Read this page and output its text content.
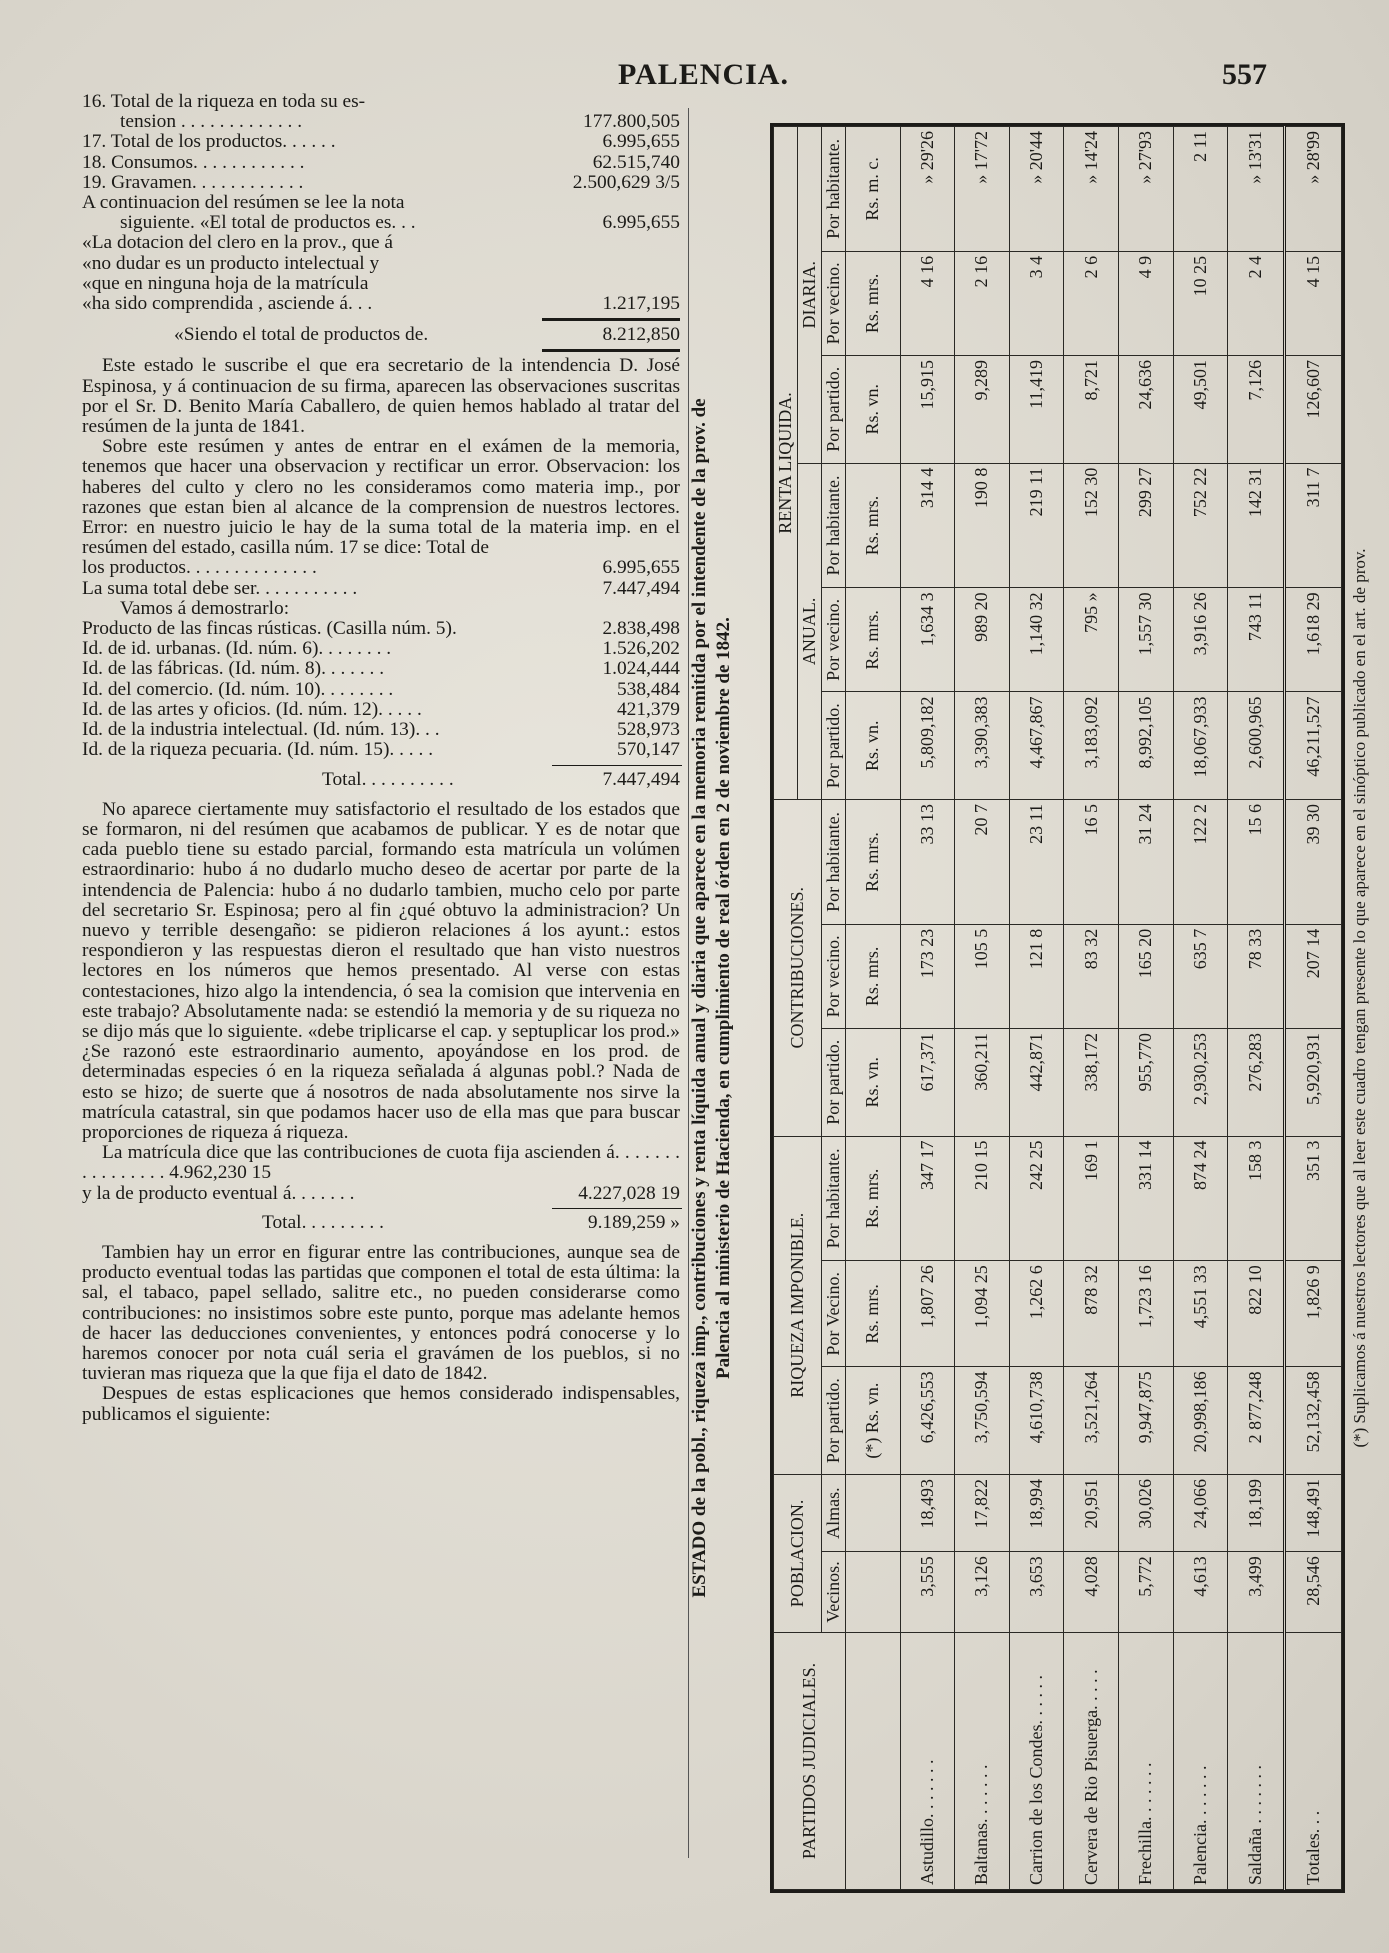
PALENCIA.	557
16. Total de la riqueza en toda su es-
tension . . . . . . . . . . . . .	177.800,505
17. Total de los productos. . . . . .	6.995,655
18. Consumos. . . . . . . . . . . .	62.515,740
19. Gravamen. . . . . . . . . . . .	2.500,629 3/5

A continuacion del resúmen se lee la nota

siguiente. «El total de productos es. . .	6.995,655
«La dotacion del clero en la prov., que á
«no dudar es un producto intelectual y
«que en ninguna hoja de la matrícula
«ha sido comprendida , asciende á. . .	1.217,195
«Siendo el total de productos de.	8.212,850

Este estado le suscribe el que era secretario de la intendencia D. José Espinosa, y á continuacion de su firma, aparecen las observaciones suscritas por el Sr. D. Benito María Caballero, de quien hemos hablado al tratar del resúmen de la junta de 1841.

Sobre este resúmen y antes de entrar en el exámen de la memoria, tenemos que hacer una observacion y rectificar un error. Observacion: los haberes del culto y clero no les consideramos como materia imp., por razones que estan bien al alcance de la comprension de nuestros lectores. Error: en nuestro juicio le hay de la suma total de la materia imp. en el resúmen del estado, casilla núm. 17 se dice: Total de

los productos. . . . . . . . . . . . . .	6.995,655
La suma total debe ser. . . . . . . . . . .	7.447,494

Vamos á demostrarlo:

Producto de las fincas rústicas. (Casilla núm. 5).	2.838,498
Id. de id. urbanas. (Id. núm. 6). . . . . . . .	1.526,202
Id. de las fábricas. (Id. núm. 8). . . . . . .	1.024,444
Id. del comercio. (Id. núm. 10). . . . . . . .	538,484
Id. de las artes y oficios. (Id. núm. 12). . . . .	421,379
Id. de la industria intelectual. (Id. núm. 13). . .	528,973
Id. de la riqueza pecuaria. (Id. núm. 15). . . . .	570,147
Total. . . . . . . . . .	7.447,494

No aparece ciertamente muy satisfactorio el resultado de los estados que se formaron, ni del resúmen que acabamos de publicar. Y es de notar que cada pueblo tiene su estado parcial, formando esta matrícula un volúmen estraordinario: hubo á no dudarlo mucho deseo de acertar por parte de la intendencia de Palencia: hubo á no dudarlo tambien, mucho celo por parte del secretario Sr. Espinosa; pero al fin ¿qué obtuvo la administracion? Un nuevo y terrible desengaño: se pidieron relaciones á los ayunt.: estos respondieron y las respuestas dieron el resultado que han visto nuestros lectores en los números que hemos presentado. Al verse con estas contestaciones, hizo algo la intendencia, ó sea la comision que intervenia en este trabajo? Absolutamente nada: se estendió la memoria y de su riqueza no se dijo más que lo siguiente. «debe triplicarse el cap. y septuplicar los prod.» ¿Se razonó este estraordinario aumento, apoyándose en los prod. de determinadas especies ó en la riqueza señalada á algunas pobl.? Nada de esto se hizo; de suerte que á nosotros de nada absolutamente nos sirve la matrícula catastral, sin que podamos hacer uso de ella mas que para buscar proporciones de riqueza á riqueza.

La matrícula dice que las contribuciones de cuota fija ascienden á. . . . . . . . . . . . . . . . 4.962,230 15

y la de producto eventual á. . . . . . .	4.227,028 19
Total. . . . . . . . .	9.189,259 »

Tambien hay un error en figurar entre las contribuciones, aunque sea de producto eventual todas las partidas que componen el total de esta última: la sal, el tabaco, papel sellado, salitre etc., no pueden considerarse como contribuciones: no insistimos sobre este punto, porque mas adelante hemos de hacer las deducciones convenientes, y entonces podrá conocerse y lo haremos conocer por nota cuál seria el gravámen de los pueblos, si no tuvieran mas riqueza que la que fija el dato de 1842.

Despues de estas esplicaciones que hemos considerado indispensables, publicamos el siguiente:	ESTADO de la pobl., riqueza imp., contribuciones y renta líquida anual y diaria que aparece en la memoria remitida por el intendente de la prov. de Palencia al ministerio de Hacienda, en cumplimiento de real órden en 2 de noviembre de 1842.
PARTIDOS JUDICIALES.	POBLACION.		RIQUEZA IMPONIBLE.			CONTRIBUCIONES.			RENTA LIQUIDA.					
									ANUAL.			DIARIA.		
	Vecinos.	Almas.	Por partido.	Por Vecino.	Por habitante.	Por partido.	Por vecino.	Por habitante.	Por partido.	Por vecino.	Por habitante.	Por partido.	Por vecino.	Por habitante.
			(*) Rs. vn.	Rs. mrs.	Rs. mrs.	Rs. vn.	Rs. mrs.	Rs. mrs.	Rs. vn.	Rs. mrs.	Rs. mrs.	Rs. vn.	Rs. mrs.	Rs. m. c.
Astudillo. . . . . . .	3,555	18,493	6,426,553	1,807 26	347 17	617,371	173 23	33 13	5,809,182	1,634 3	314 4	15,915	4 16	» 29'26
Baltanas. . . . . . .	3,126	17,822	3,750,594	1,094 25	210 15	360,211	105 5	20 7	3,390,383	989 20	190 8	9,289	2 16	» 17'72
Carrion de los Condes. . . . . .	3,653	18,994	4,610,738	1,262 6	242 25	442,871	121 8	23 11	4,467,867	1,140 32	219 11	11,419	3 4	» 20'44
Cervera de Rio Pisuerga. . . . .	4,028	20,951	3,521,264	878 32	169 1	338,172	83 32	16 5	3,183,092	795 »	152 30	8,721	2 6	» 14'24
Frechilla. . . . . . .	5,772	30,026	9,947,875	1,723 16	331 14	955,770	165 20	31 24	8,992,105	1,557 30	299 27	24,636	4 9	» 27'93
Palencia. . . . . . .	4,613	24,066	20,998,186	4,551 33	874 24	2,930,253	635 7	122 2	18,067,933	3,916 26	752 22	49,501	10 25	2 11
Saldaña . . . . . . .	3,499	18,199	2 877,248	822 10	158 3	276,283	78 33	15 6	2,600,965	743 11	142 31	7,126	2 4	» 13'31
Totales. . .	28,546	148,491	52,132,458	1,826 9	351 3	5,920,931	207 14	39 30	46,211,527	1,618 29	311 7	126,607	4 15	» 28'99
(*) Suplicamos á nuestros lectores que al leer este cuadro tengan presente lo que aparece en el sinóptico publicado en el art. de prov.
